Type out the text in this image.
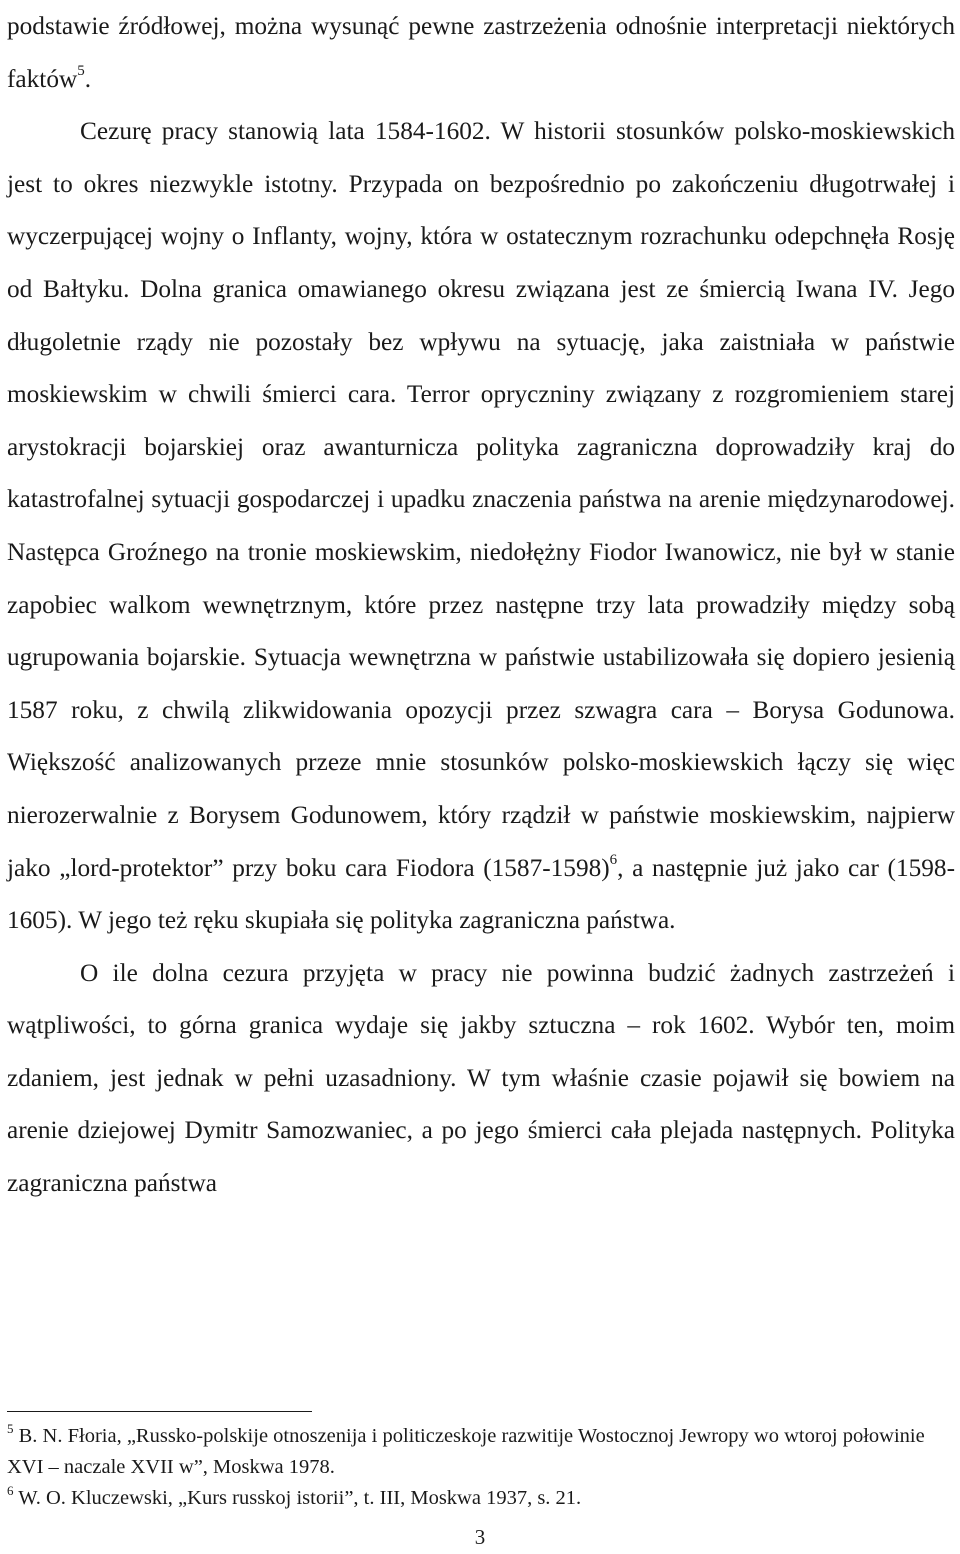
podstawie źródłowej, można wysunąć pewne zastrzeżenia odnośnie interpretacji niektórych faktów$^5$.

Cezurę pracy stanowią lata 1584-1602. W historii stosunków polsko-moskiewskich jest to okres niezwykle istotny. Przypada on bezpośrednio po zakończeniu długotrwałej i wyczerpującej wojny o Inflanty, wojny, która w ostatecznym rozrachunku odepchnęła Rosję od Bałtyku. Dolna granica omawianego okresu związana jest ze śmiercią Iwana IV. Jego długoletnie rządy nie pozostały bez wpływu na sytuację, jaka zaistniała w państwie moskiewskim w chwili śmierci cara. Terror opryczniny związany z rozgromieniem starej arystokracji bojarskiej oraz awanturnicza polityka zagraniczna doprowadziły kraj do katastrofalnej sytuacji gospodarczej i upadku znaczenia państwa na arenie międzynarodowej. Następca Groźnego na tronie moskiewskim, niedołężny Fiodor Iwanowicz, nie był w stanie zapobiec walkom wewnętrznym, które przez następne trzy lata prowadziły między sobą ugrupowania bojarskie. Sytuacja wewnętrzna w państwie ustabilizowała się dopiero jesienią 1587 roku, z chwilą zlikwidowania opozycji przez szwagra cara – Borysa Godunowa. Większość analizowanych przeze mnie stosunków polsko-moskiewskich łączy się więc nierozerwalnie z Borysem Godunowem, który rządził w państwie moskiewskim, najpierw jako „lord-protektor” przy boku cara Fiodora (1587-1598)$^6$, a następnie już jako car (1598-1605). W jego też ręku skupiała się polityka zagraniczna państwa.

O ile dolna cezura przyjęta w pracy nie powinna budzić żadnych zastrzeżeń i wątpliwości, to górna granica wydaje się jakby sztuczna – rok 1602. Wybór ten, moim zdaniem, jest jednak w pełni uzasadniony. W tym właśnie czasie pojawił się bowiem na arenie dziejowej Dymitr Samozwaniec, a po jego śmierci cała plejada następnych. Polityka zagraniczna państwa

$^5$ B. N. Fłoria, „Russko-polskije otnoszenija i politiczeskoje razwitije Wostocznoj Jewropy wo wtoroj połowinie XVI – naczale XVII w”, Moskwa 1978.

$^6$ W. O. Kluczewski, „Kurs russkoj istorii”, t. III, Moskwa 1937, s. 21.

3
